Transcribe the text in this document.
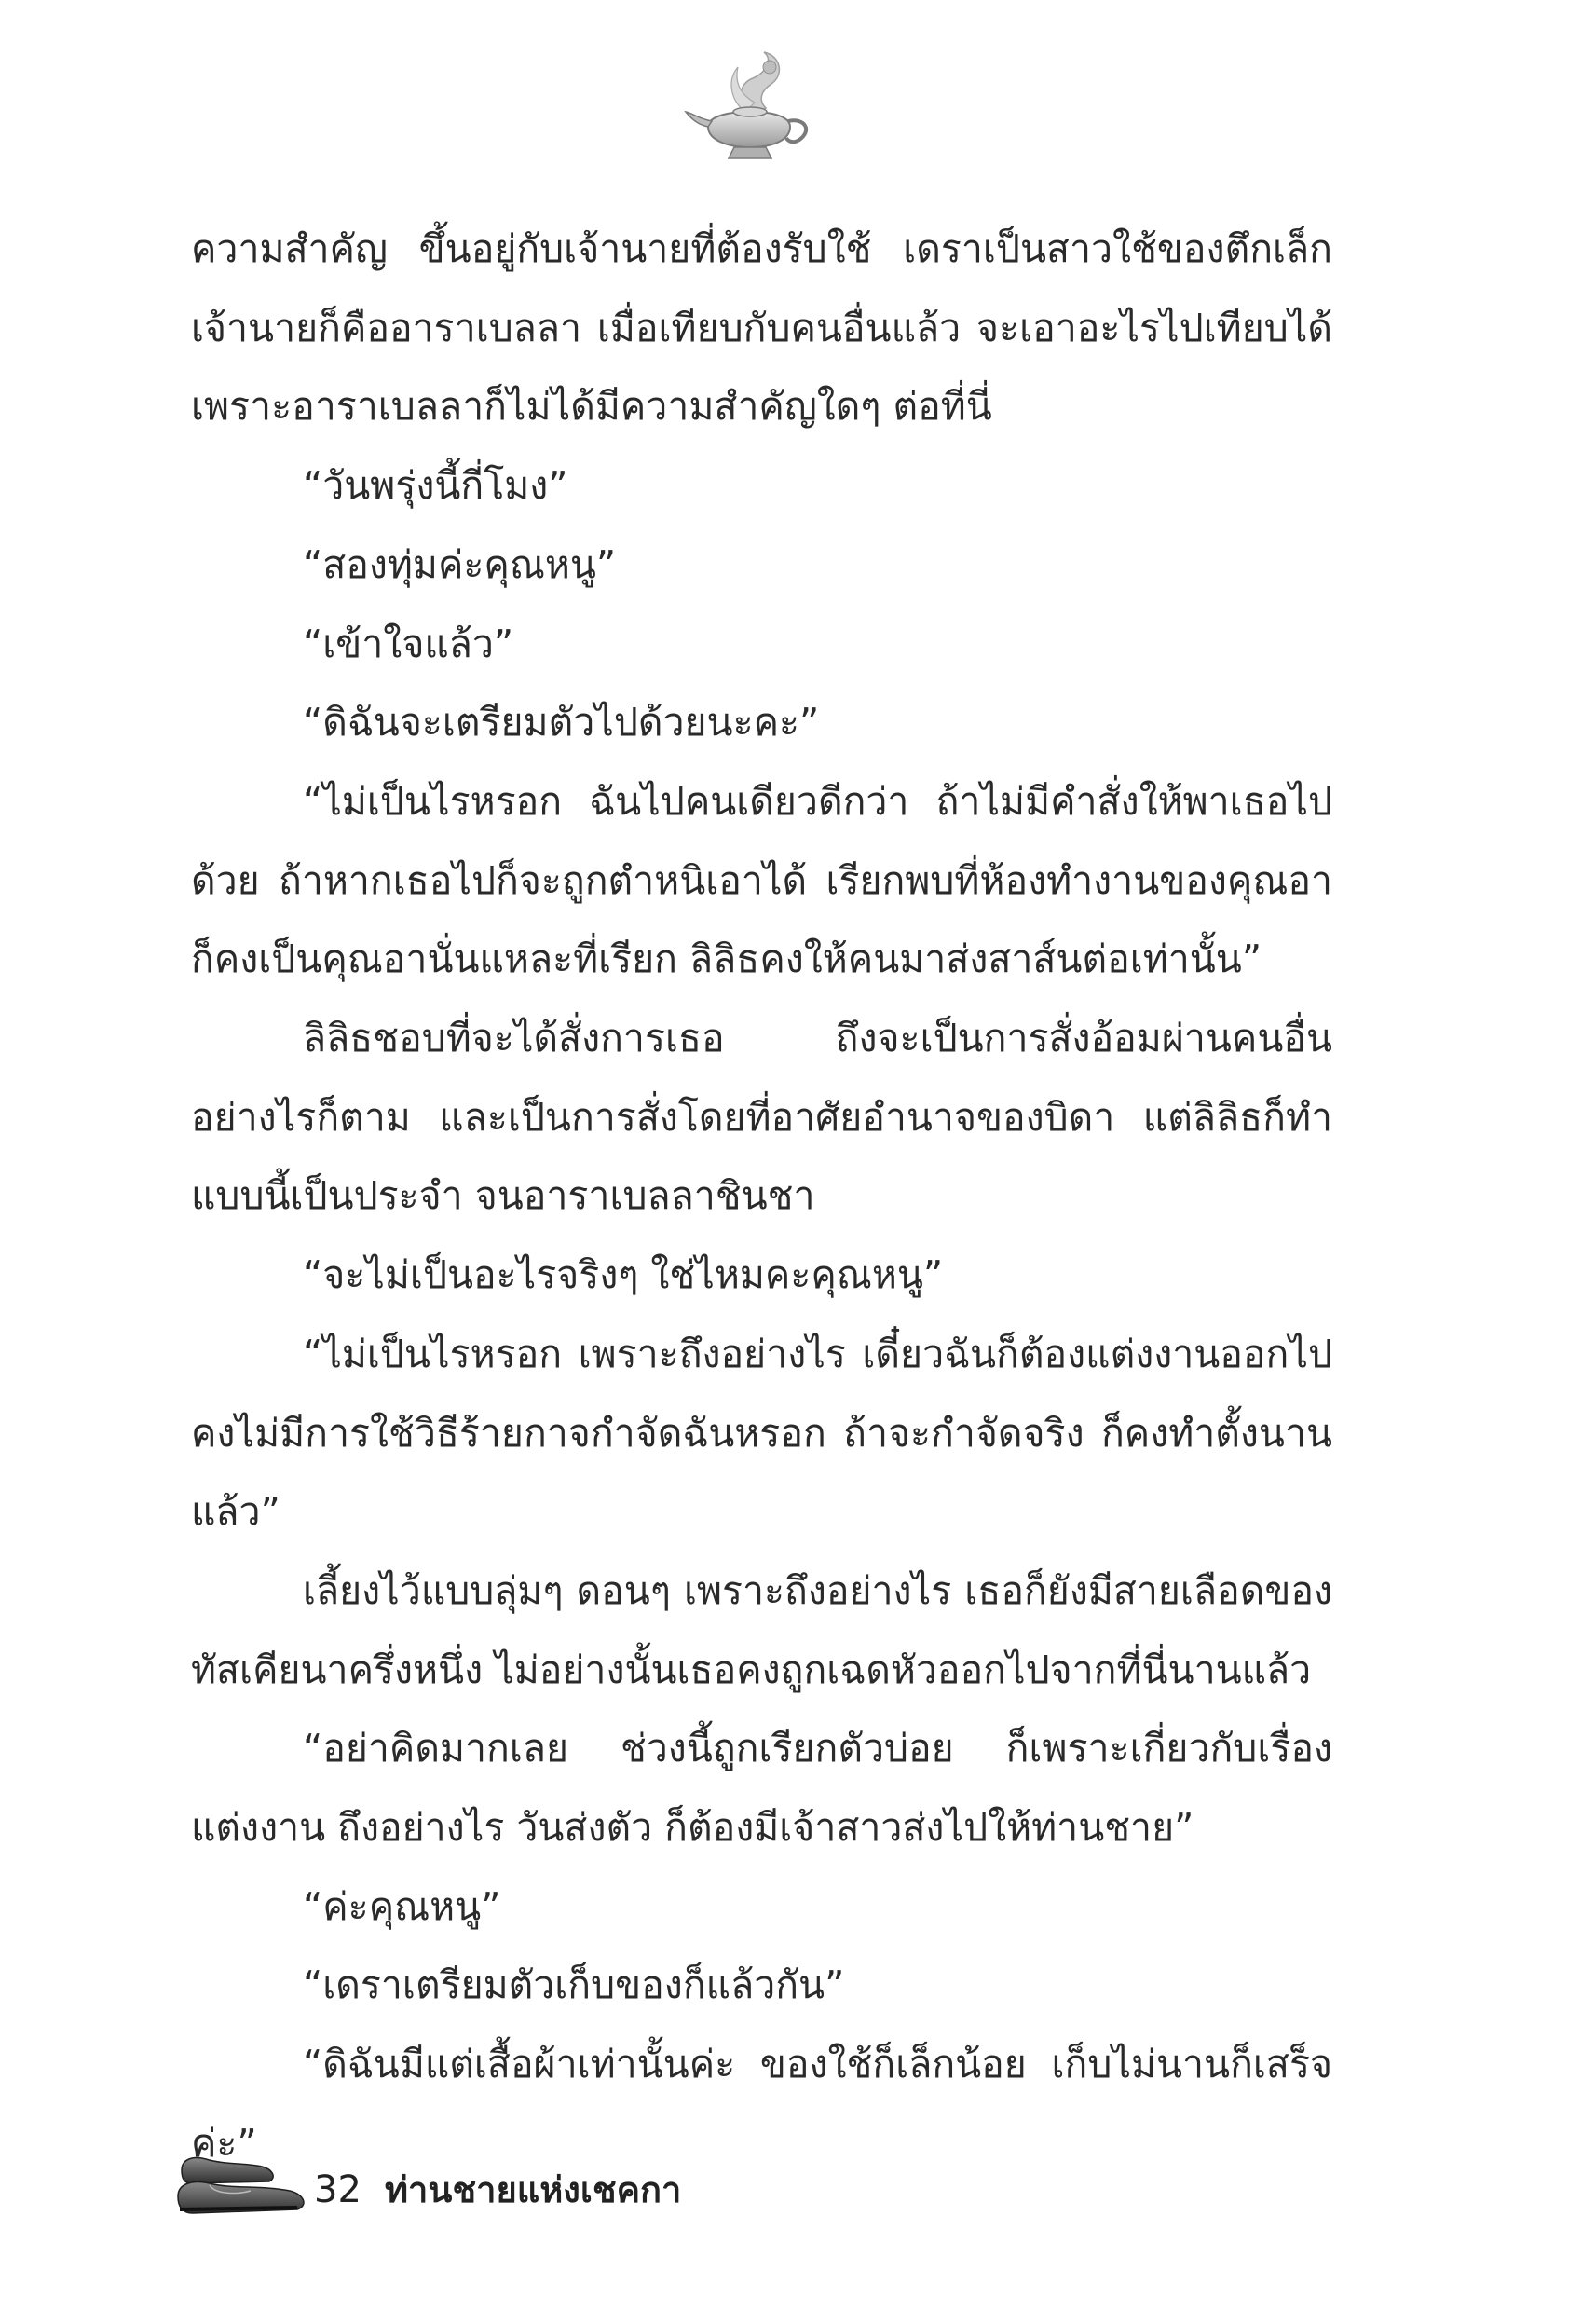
ความสำคัญ ขึ้นอยู่กับเจ้านายที่ต้องรับใช้ เดราเป็นสาวใช้ของตึกเล็ก เจ้านายก็คืออาราเบลลา เมื่อเทียบกับคนอื่นแล้ว จะเอาอะไรไปเทียบได้ เพราะอาราเบลลาก็ไม่ได้มีความสำคัญใดๆ ต่อที่นี่

“วันพรุ่งนี้กี่โมง”

“สองทุ่มค่ะคุณหนู”

“เข้าใจแล้ว”

“ดิฉันจะเตรียมตัวไปด้วยนะคะ”

“ไม่เป็นไรหรอก ฉันไปคนเดียวดีกว่า ถ้าไม่มีคำสั่งให้พาเธอไปด้วย ถ้าหากเธอไปก็จะถูกตำหนิเอาได้ เรียกพบที่ห้องทำงานของคุณอา ก็คงเป็นคุณอานั่นแหละที่เรียก ลิลิธคงให้คนมาส่งสาส์นต่อเท่านั้น”

ลิลิธชอบที่จะได้สั่งการเธอ ถึงจะเป็นการสั่งอ้อมผ่านคนอื่นอย่างไรก็ตาม และเป็นการสั่งโดยที่อาศัยอำนาจของบิดา แต่ลิลิธก็ทำแบบนี้เป็นประจำ จนอาราเบลลาชินชา

“จะไม่เป็นอะไรจริงๆ ใช่ไหมคะคุณหนู”

“ไม่เป็นไรหรอก เพราะถึงอย่างไร เดี๋ยวฉันก็ต้องแต่งงานออกไป คงไม่มีการใช้วิธีร้ายกาจกำจัดฉันหรอก ถ้าจะกำจัดจริง ก็คงทำตั้งนานแล้ว”

เลี้ยงไว้แบบลุ่มๆ ดอนๆ เพราะถึงอย่างไร เธอก็ยังมีสายเลือดของทัสเคียนาครึ่งหนึ่ง ไม่อย่างนั้นเธอคงถูกเฉดหัวออกไปจากที่นี่นานแล้ว

“อย่าคิดมากเลย ช่วงนี้ถูกเรียกตัวบ่อย ก็เพราะเกี่ยวกับเรื่องแต่งงาน ถึงอย่างไร วันส่งตัว ก็ต้องมีเจ้าสาวส่งไปให้ท่านชาย”

“ค่ะคุณหนู”

“เดราเตรียมตัวเก็บของก็แล้วกัน”

“ดิฉันมีแต่เสื้อผ้าเท่านั้นค่ะ ของใช้ก็เล็กน้อย เก็บไม่นานก็เสร็จค่ะ”

32 ท่านชายแห่งเชคกา
